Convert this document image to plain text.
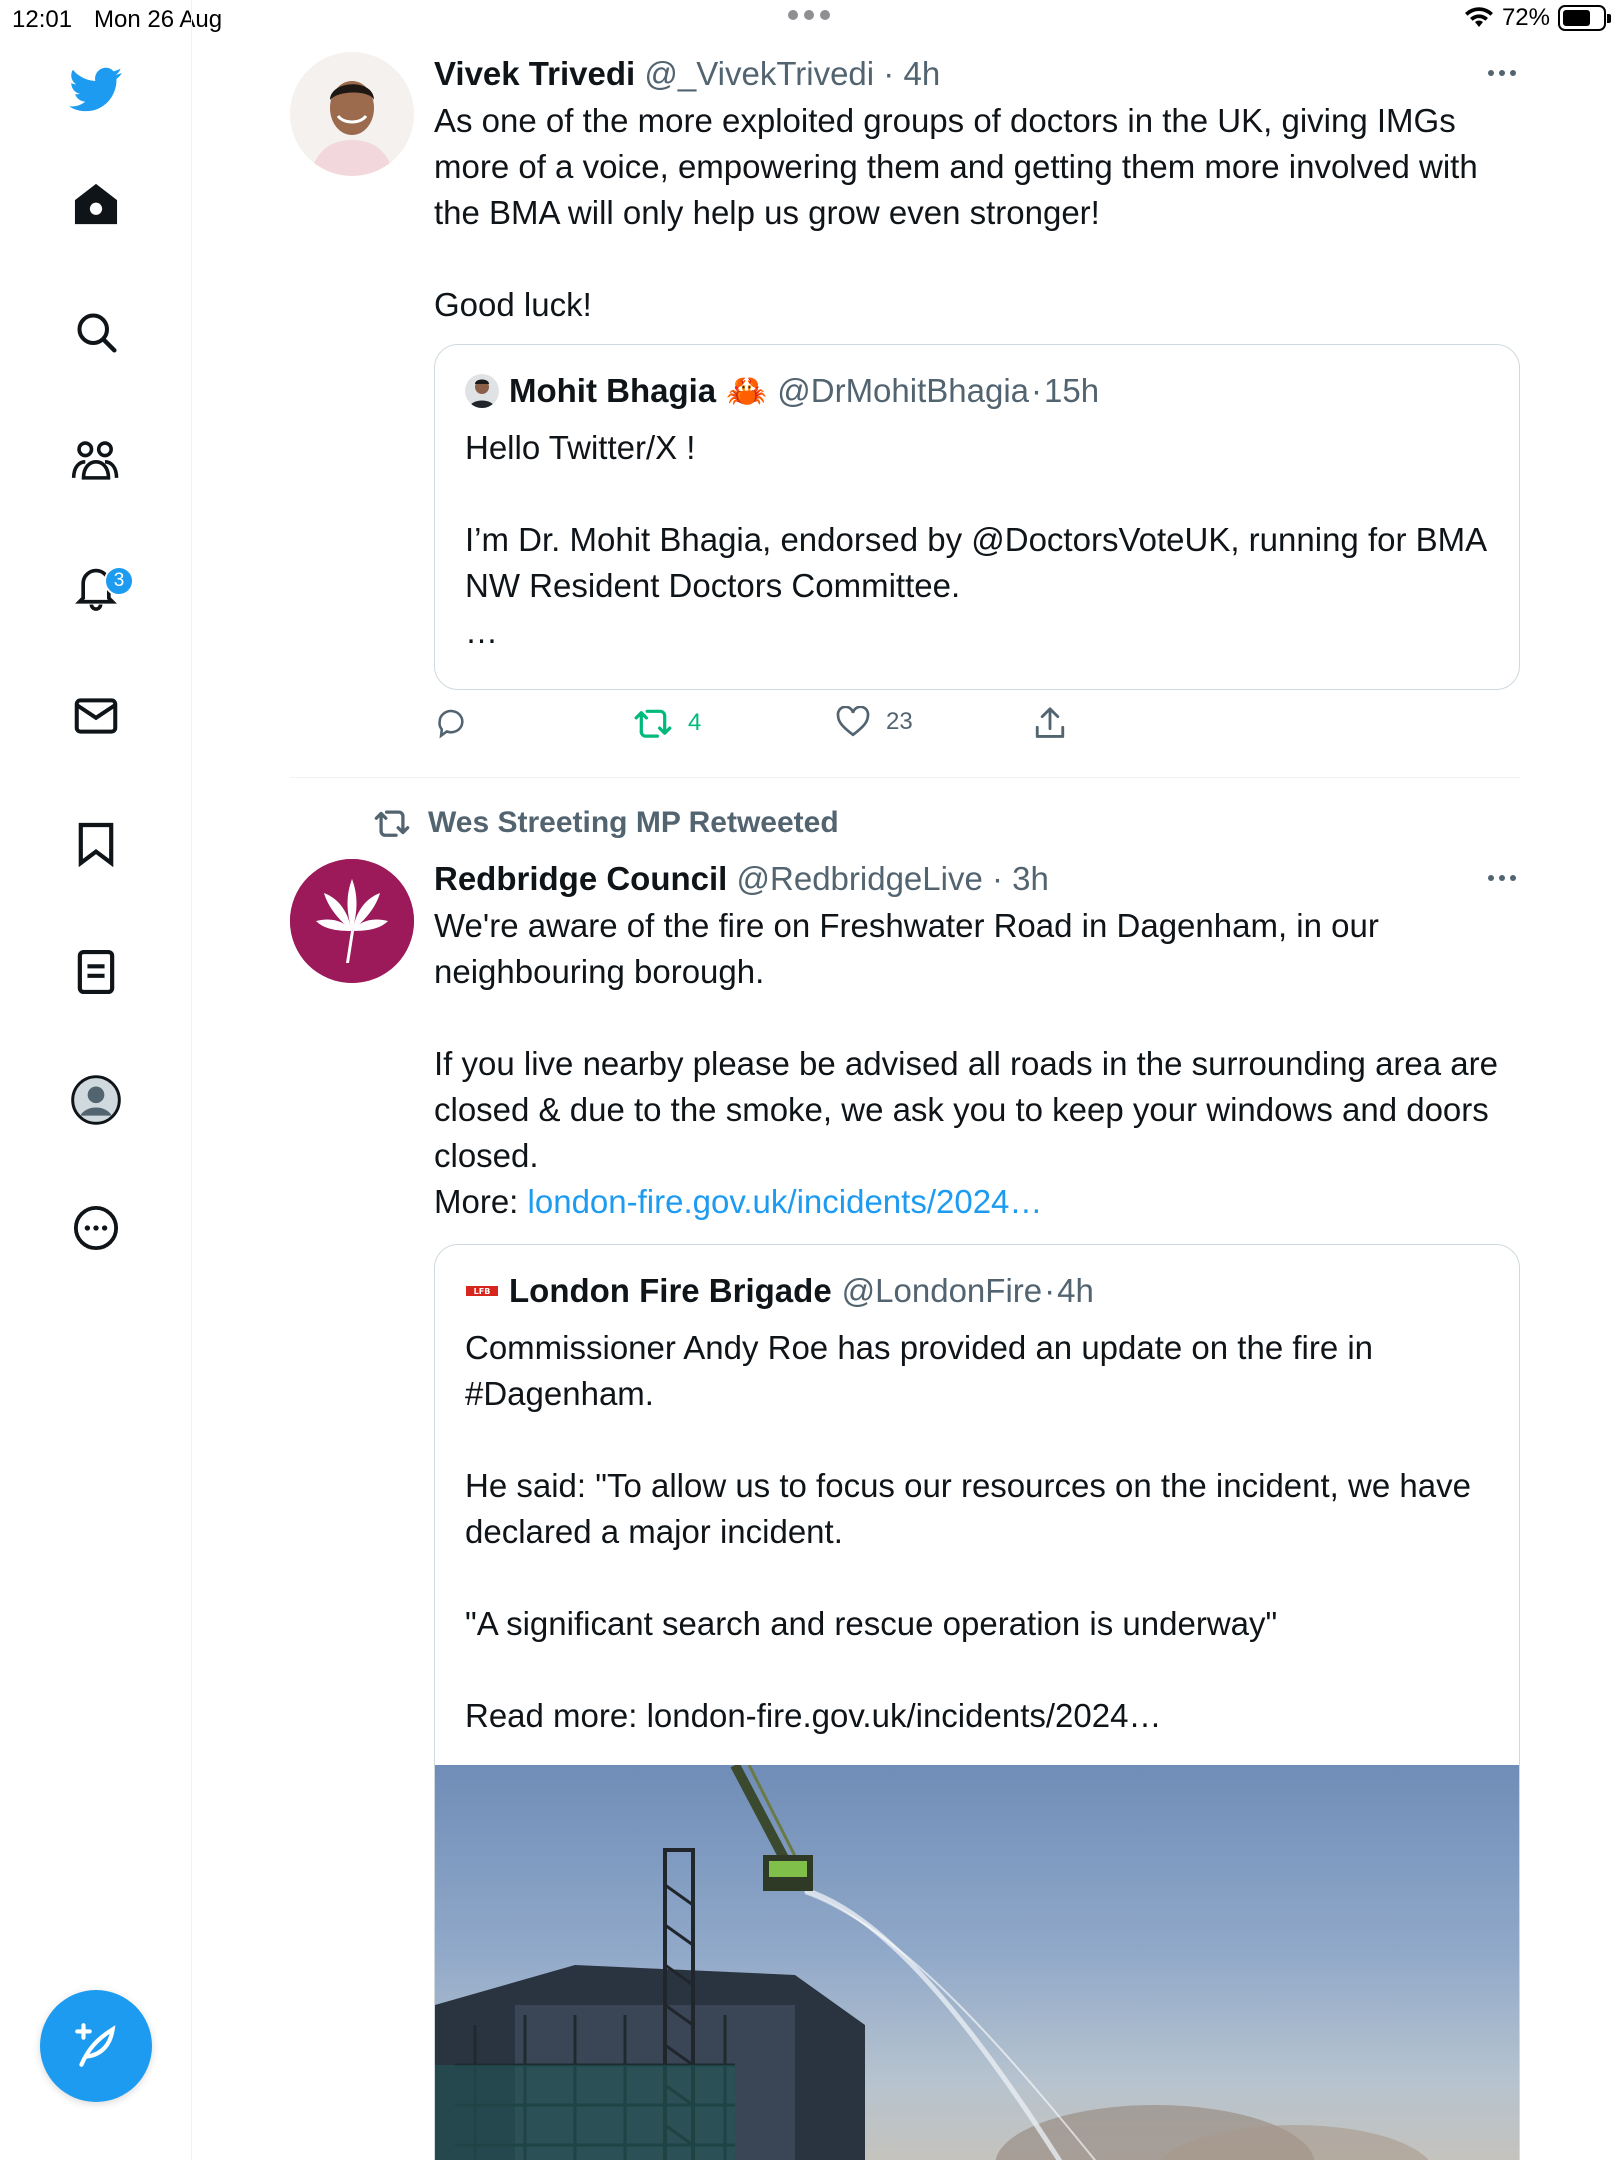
12:01 Mon 26 Aug	72%
3
Vivek Trivedi @_VivekTrivedi · 4h
As one of the more exploited groups of doctors in the UK, giving IMGs more of a voice, empowering them and getting them more involved with the BMA will only help us grow even stronger!

Good luck!
Mohit Bhagia 🦀 @DrMohitBhagia · 15h
Hello Twitter/X !

I’m Dr. Mohit Bhagia, endorsed by @DoctorsVoteUK, running for BMA NW Resident Doctors Committee.
…
4	23
Wes Streeting MP Retweeted
Redbridge Council @RedbridgeLive · 3h
We're aware of the fire on Freshwater Road in Dagenham, in our neighbouring borough.

If you live nearby please be advised all roads in the surrounding area are closed & due to the smoke, we ask you to keep your windows and doors closed.
More: london-fire.gov.uk/incidents/2024…
LFB London Fire Brigade @LondonFire · 4h
Commissioner Andy Roe has provided an update on the fire in #Dagenham.

He said: "To allow us to focus our resources on the incident, we have declared a major incident.

"A significant search and rescue operation is underway"

Read more: london-fire.gov.uk/incidents/2024…
